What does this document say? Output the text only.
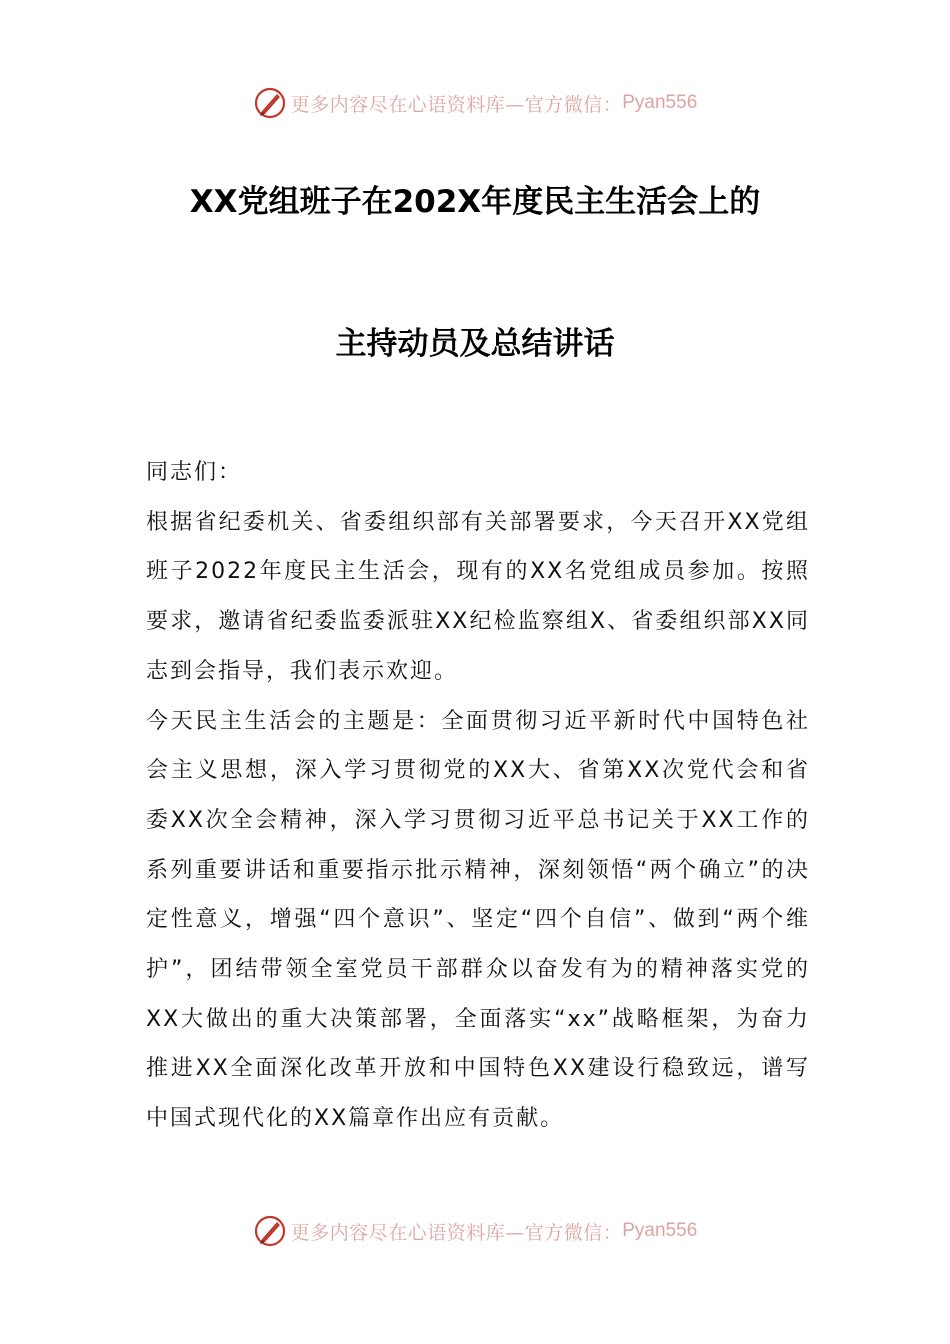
更多内容尽在心语资料库—官方微信： Pyan556
XX党组班子在202X年度民主生活会上的
主持动员及总结讲话

同志们：

根据省纪委机关、省委组织部有关部署要求，今天召开XX党组班子2022年度民主生活会，现有的XX名党组成员参加。按照要求，邀请省纪委监委派驻XX纪检监察组X、省委组织部XX同志到会指导，我们表示欢迎。

今天民主生活会的主题是：全面贯彻习近平新时代中国特色社会主义思想，深入学习贯彻党的XX大、省第XX次党代会和省委XX次全会精神，深入学习贯彻习近平总书记关于XX工作的系列重要讲话和重要指示批示精神，深刻领悟“两个确立”的决定性意义，增强“四个意识”、坚定“四个自信”、做到“两个维护”，团结带领全室党员干部群众以奋发有为的精神落实党的XX大做出的重大决策部署，全面落实“xx”战略框架，为奋力推进XX全面深化改革开放和中国特色XX建设行稳致远，谱写中国式现代化的XX篇章作出应有贡献。

更多内容尽在心语资料库—官方微信： Pyan556
